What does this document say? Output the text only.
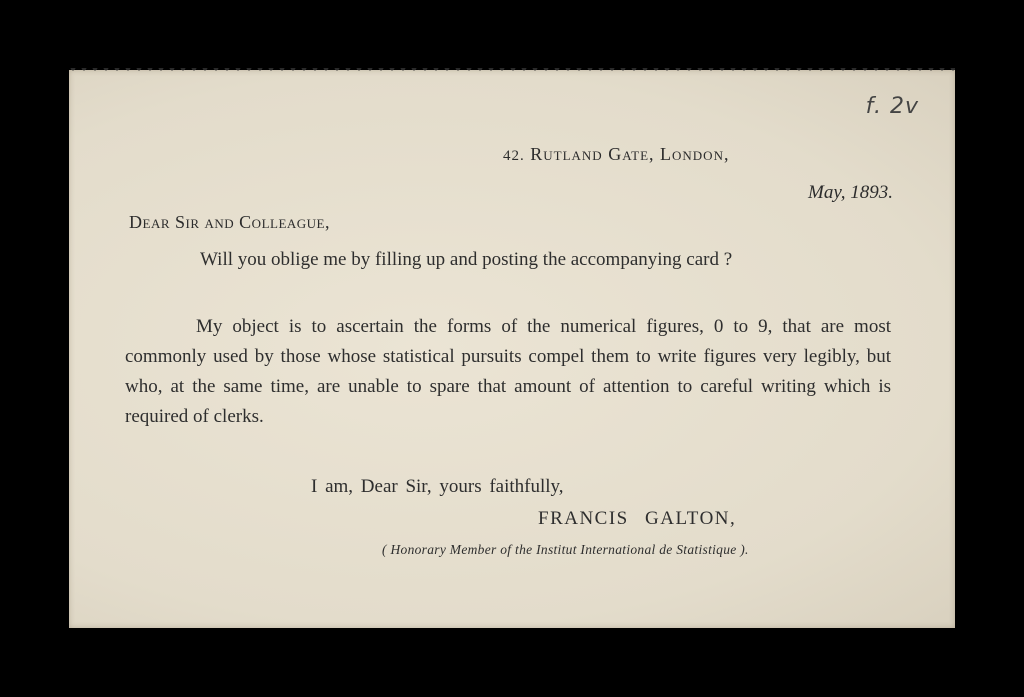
f. 2v
42. Rutland Gate, London,
May, 1893.
Dear Sir and Colleague,
Will you oblige me by filling up and posting the accompanying card ?
My object is to ascertain the forms of the numerical figures, 0 to 9, that are most commonly used by those whose statistical pursuits compel them to write figures very legibly, but who, at the same time, are unable to spare that amount of attention to careful writing which is required of clerks.
I am, Dear Sir, yours faithfully,
FRANCIS GALTON,
( Honorary Member of the Institut International de Statistique ).
